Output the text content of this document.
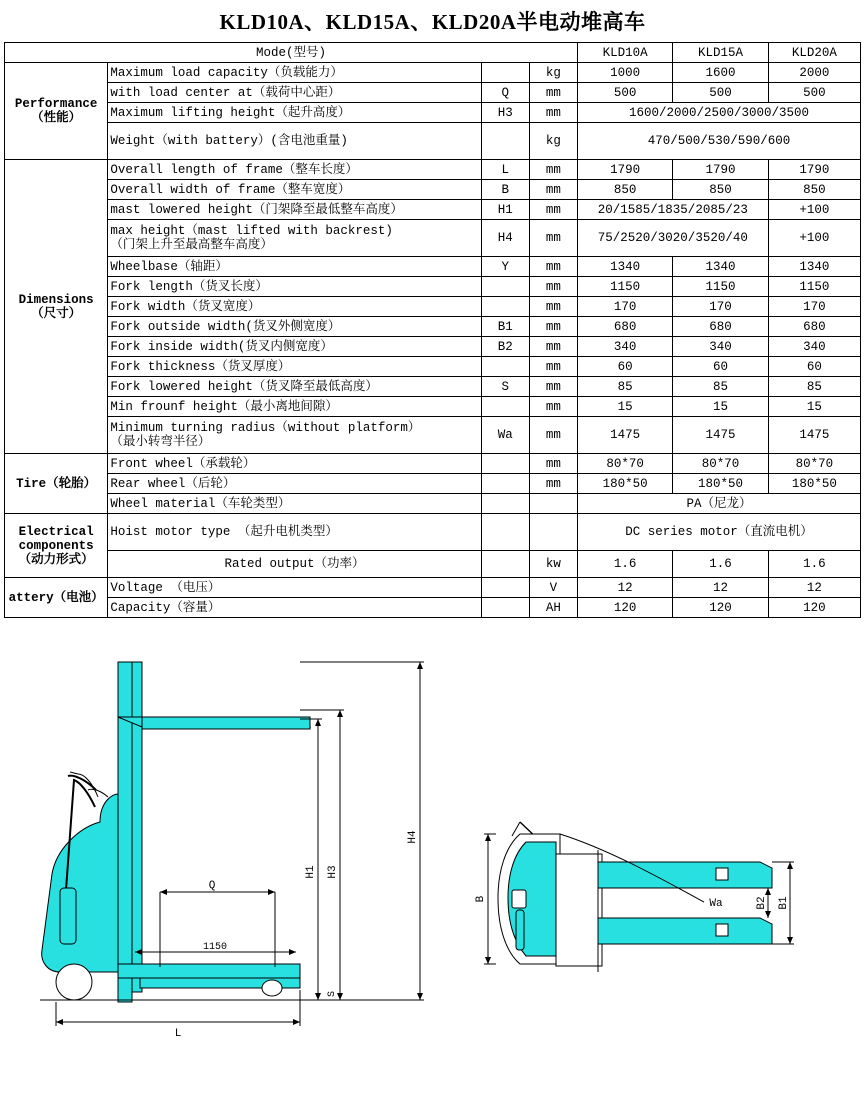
KLD10A、KLD15A、KLD20A半电动堆高车
Mode(型号)				KLD10A	KLD15A	KLD20A

Performance
（性能）	Maximum load capacity（负载能力）		kg	1000	1600	2000
	with load center at（载荷中心距）	Q	mm	500	500	500
	Maximum lifting height（起升高度）	H3	mm	1600/2000/2500/3000/3500		
	Weight（with battery）(含电池重量)		kg	470/500/530/590/600		

Dimensions
（尺寸）	Overall length of frame（整车长度）	L	mm	1790	1790	1790
	Overall width of frame（整车宽度）	B	mm	850	850	850
	mast lowered height（门架降至最低整车高度）	H1	mm	20/1585/1835/2085/23		+100

	max height（mast lifted with backrest)
（门架上升至最高整车高度）	H4	mm	75/2520/3020/3520/40		+100
	Wheelbase（轴距）	Y	mm	1340	1340	1340
	Fork length（货叉长度）		mm	1150	1150	1150
	Fork width（货叉宽度）		mm	170	170	170
	Fork outside width(货叉外侧宽度）	B1	mm	680	680	680
	Fork inside width(货叉内侧宽度）	B2	mm	340	340	340
	Fork thickness（货叉厚度）		mm	60	60	60
	Fork lowered height（货叉降至最低高度）	S	mm	85	85	85
	Min frounf height（最小离地间隙）		mm	15	15	15

	Minimum turning radius（without platform）
（最小转弯半径）	Wa	mm	1475	1475	1475
Tire（轮胎）	Front wheel（承载轮）		mm	80*70	80*70	80*70
	Rear wheel（后轮）		mm	180*50	180*50	180*50
	Wheel material（车轮类型）			PA（尼龙）		

Electrical
components
（动力形式）	Hoist motor type （起升电机类型）			DC series motor（直流电机）		
	Rated output（功率）		kw	1.6	1.6	1.6
attery（电池）	Voltage （电压）		V	12	12	12
	Capacity（容量）		AH	120	120	120
H1 H3
H4
Q
1150
L
S
B	B1
B2
Wa
